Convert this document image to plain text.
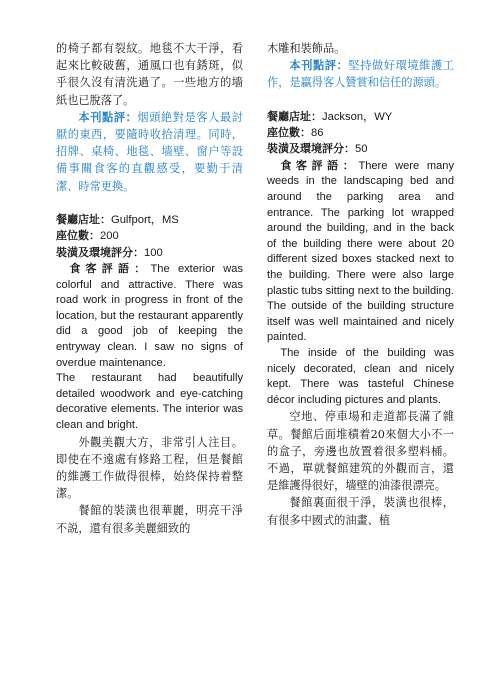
的椅子都有裂紋。地毯不大干淨，看起來比較破舊，通風口也有銹斑，似乎很久沒有清洗過了。一些地方的墻紙也已脫落了。

本刊點評：烟頭絶對是客人最討厭的東西，要隨時收拾清理。同時，招牌、桌椅、地毯、墻壁、窗户等設備事關食客的直觀感受，要勤于清潔、時常更換。

餐廳店址：Gulfport，MS
座位數：200
裝潢及環境評分：100

食客評語：The exterior was colorful and attractive. There was road work in progress in front of the location, but the restaurant apparently did a good job of keeping the entryway clean. I saw no signs of overdue maintenance.

The restaurant had beautifully detailed woodwork and eye-catching decorative elements. The interior was clean and bright.

外觀美觀大方，非常引人注目。即使在不遠處有修路工程，但是餐館的維護工作做得很棒，始終保持着整潔。

餐館的裝潢也很華麗，明亮干淨不説，還有很多美麗細致的

木雕和裝飾品。

本刊點評：堅持做好環境維護工作，是贏得客人贊賞和信任的源頭。

餐廳店址：Jackson，WY
座位數：86
裝潢及環境評分：50

食客評語：There were many weeds in the landscaping bed and around the parking area and entrance. The parking lot wrapped around the building, and in the back of the building there were about 20 different sized boxes stacked next to the building. There were also large plastic tubs sitting next to the building. The outside of the building structure itself was well maintained and nicely painted.

The inside of the building was nicely decorated, clean and nicely kept. There was tasteful Chinese décor including pictures and plants.

空地、停車場和走道都長滿了雜草。餐館后面堆積着20來個大小不一的盒子，旁邊也放置着很多塑料桶。不過，單就餐館建筑的外觀而言，還是維護得很好，墻壁的油漆很漂亮。

餐館裏面很干淨，裝潢也很棒，有很多中國式的油畫、植
